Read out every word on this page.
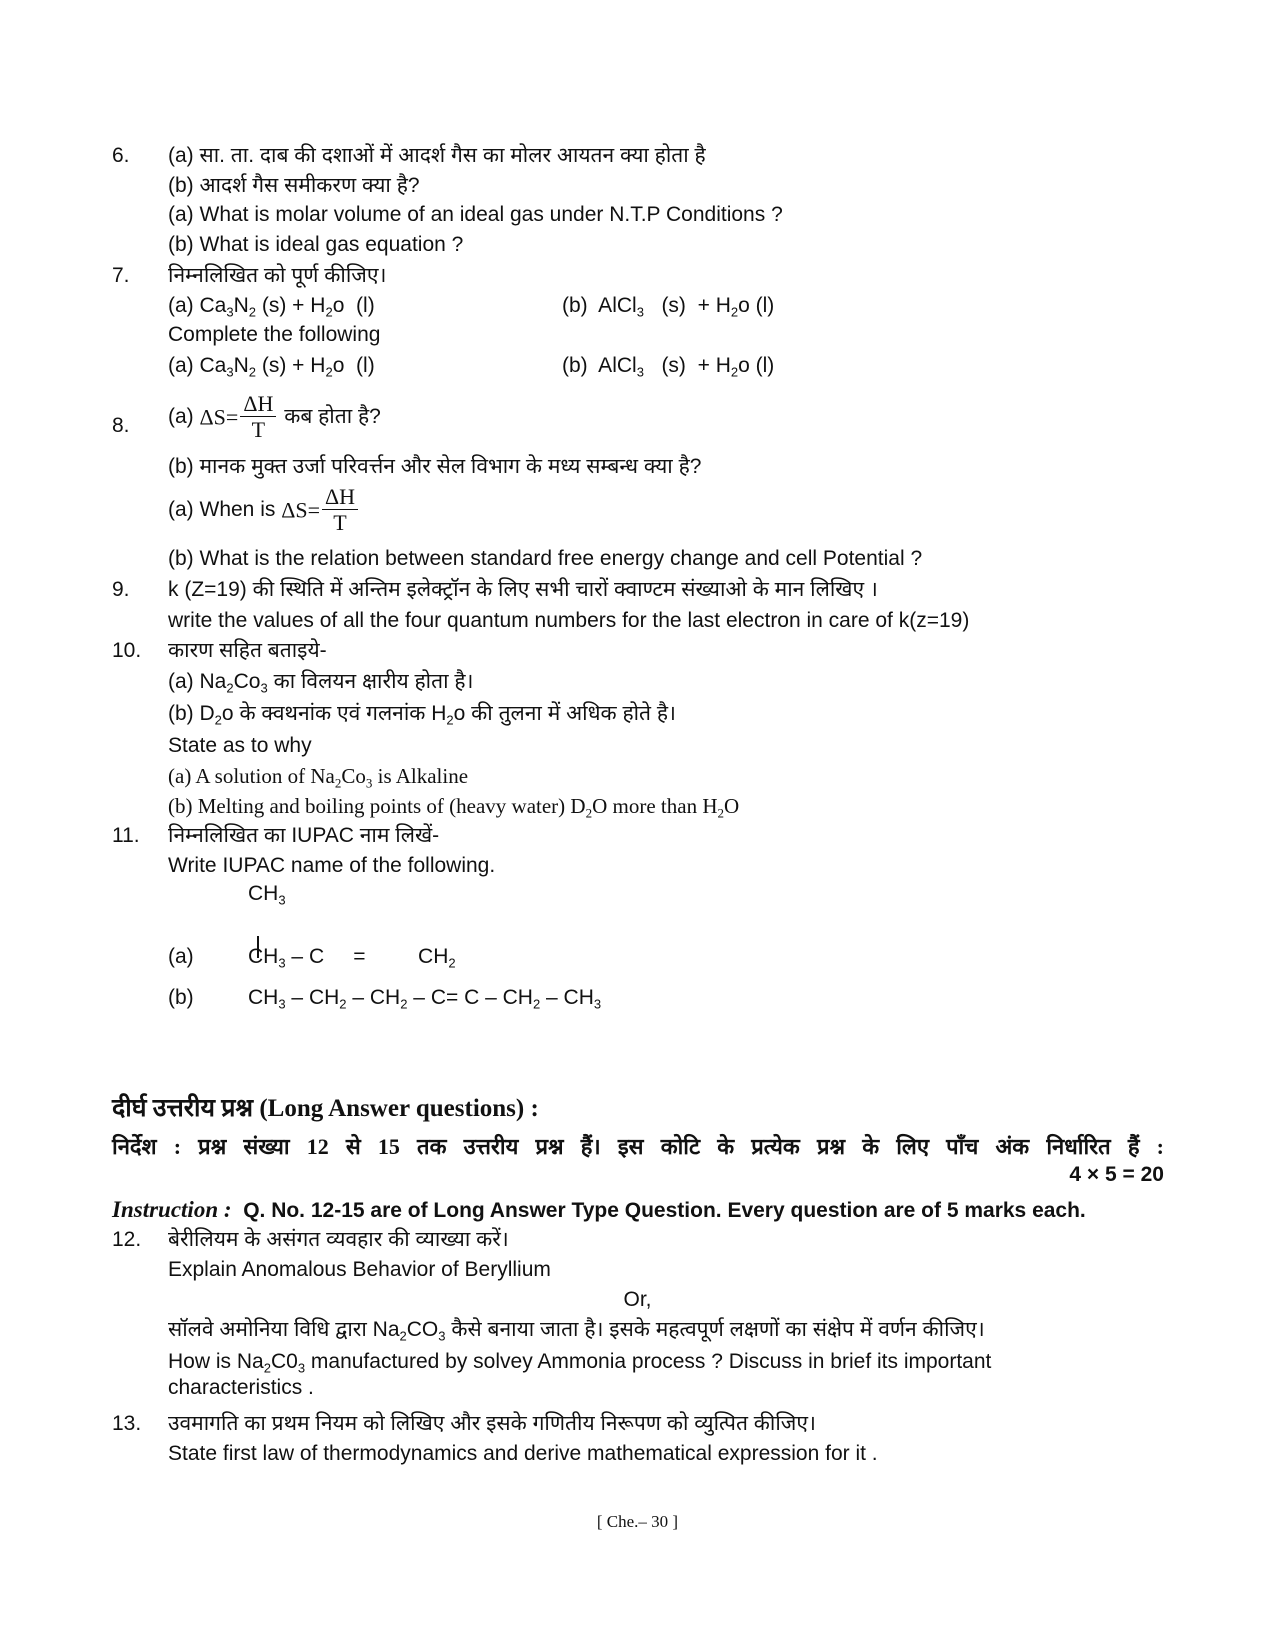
6. (a) सा. ता. दाब की दशाओं में आदर्श गैस का मोलर आयतन क्या होता है
(b) आदर्श गैस समीकरण क्या है?
(a) What is molar volume of an ideal gas under N.T.P Conditions ?
(b) What is ideal gas equation ?
7. निम्नलिखित को पूर्ण कीजिए।
(a) $Ca_3N_2$ $(s) + H_2o$  (l)	(b)  AlCl$_3$   $(s) + H_2o$ (l)
Complete the following
(a) $Ca_3N_2$ $(s) + H_2o$  (l)	(b)  AlCl$_3$   $(s) + H_2o$ (l)
8. (a) $\Delta S= \frac{\Delta H}{T}$ कब होता है?
(b) मानक मुक्त उर्जा परिवर्त्तन और सेल विभाग के मध्य सम्बन्ध क्या है?
(a) When is $\Delta S= \frac{\Delta H}{T}$
(b) What is the relation between standard free energy change and cell Potential ?
9. k (Z=19) की स्थिति में अन्तिम इलेक्ट्रॉन के लिए सभी चारों क्वाण्टम संख्याओ के मान लिखिए ।
write the values of all the four quantum numbers for the last electron in care of k(z=19)
10. कारण सहित बताइये-
(a) $Na_2Co_3$ का विलयन क्षारीय होता है।
(b) $D_2o$ के क्वथनांक एवं गलनांक $H_2o$ की तुलना में अधिक होते है।
State as to why
(a) A solution of $Na_2Co_3$ is Alkaline
(b) Melting and boiling points of (heavy water) $D_2O$ more than $H_2O$
11. निम्नलिखित का IUPAC नाम लिखें-
Write IUPAC name of the following.
$CH_3$
(a)	$CH_3$ – C     =         $CH_2$
(b)	$CH_3 - CH_2 - CH_2 - C= C - CH_2 - CH_3$
दीर्घ उत्तरीय प्रश्न (Long Answer questions) :
निर्देश : प्रश्न संख्या 12 से 15 तक उत्तरीय प्रश्न हैं। इस कोटि के प्रत्येक प्रश्न के लिए पाँच अंक निर्धारित हैं :
4 × 5 = 20
Instruction : Q. No. 12-15 are of Long Answer Type Question. Every question are of 5 marks each.
12. बेरीलियम के असंगत व्यवहार की व्याख्या करें।
Explain Anomalous Behavior of Beryllium
Or,
सॉलवे अमोनिया विधि द्वारा $Na_2CO_3$ कैसे बनाया जाता है। इसके महत्वपूर्ण लक्षणों का संक्षेप में वर्णन कीजिए।
How is $Na_2C0_3$ manufactured by solvey Ammonia process ? Discuss in brief its important
characteristics .
13. उवमागति का प्रथम नियम को लिखिए और इसके गणितीय निरूपण को व्युत्पित कीजिए।
State first law of thermodynamics and derive mathematical expression for it .
[ Che.– 30 ]
